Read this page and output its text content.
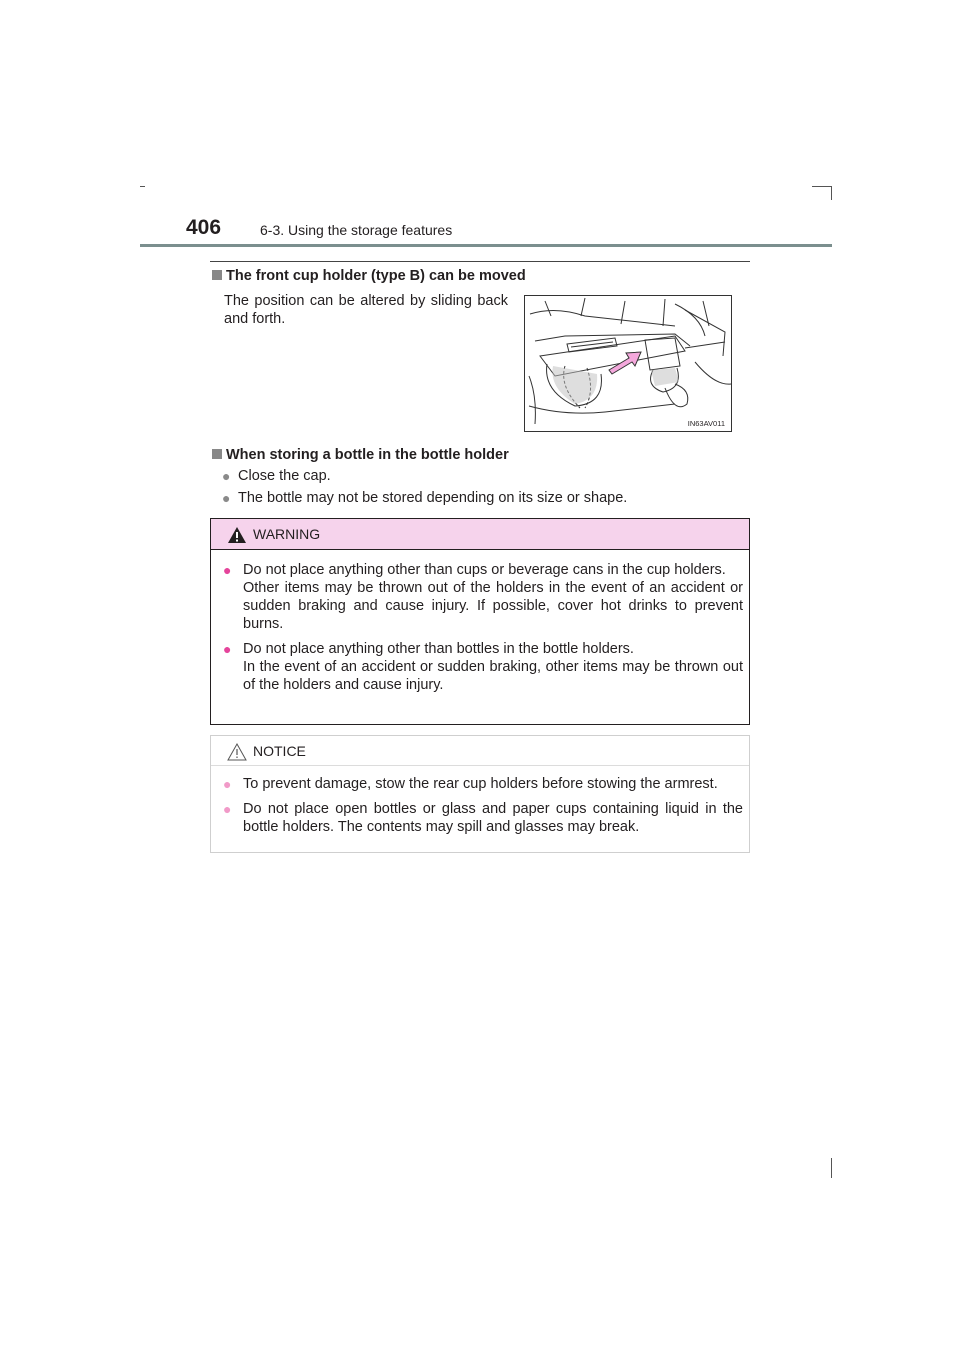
406	6-3. Using the storage features
The front cup holder (type B) can be moved
The position can be altered by sliding back and forth.
IN63AV011
When storing a bottle in the bottle holder
● Close the cap.
● The bottle may not be stored depending on its size or shape.
WARNING
● Do not place anything other than cups or beverage cans in the cup holders.
Other items may be thrown out of the holders in the event of an accident or sudden braking and cause injury. If possible, cover hot drinks to prevent burns.
● Do not place anything other than bottles in the bottle holders.
In the event of an accident or sudden braking, other items may be thrown out of the holders and cause injury.
NOTICE
● To prevent damage, stow the rear cup holders before stowing the armrest.
● Do not place open bottles or glass and paper cups containing liquid in the bottle holders. The contents may spill and glasses may break.
